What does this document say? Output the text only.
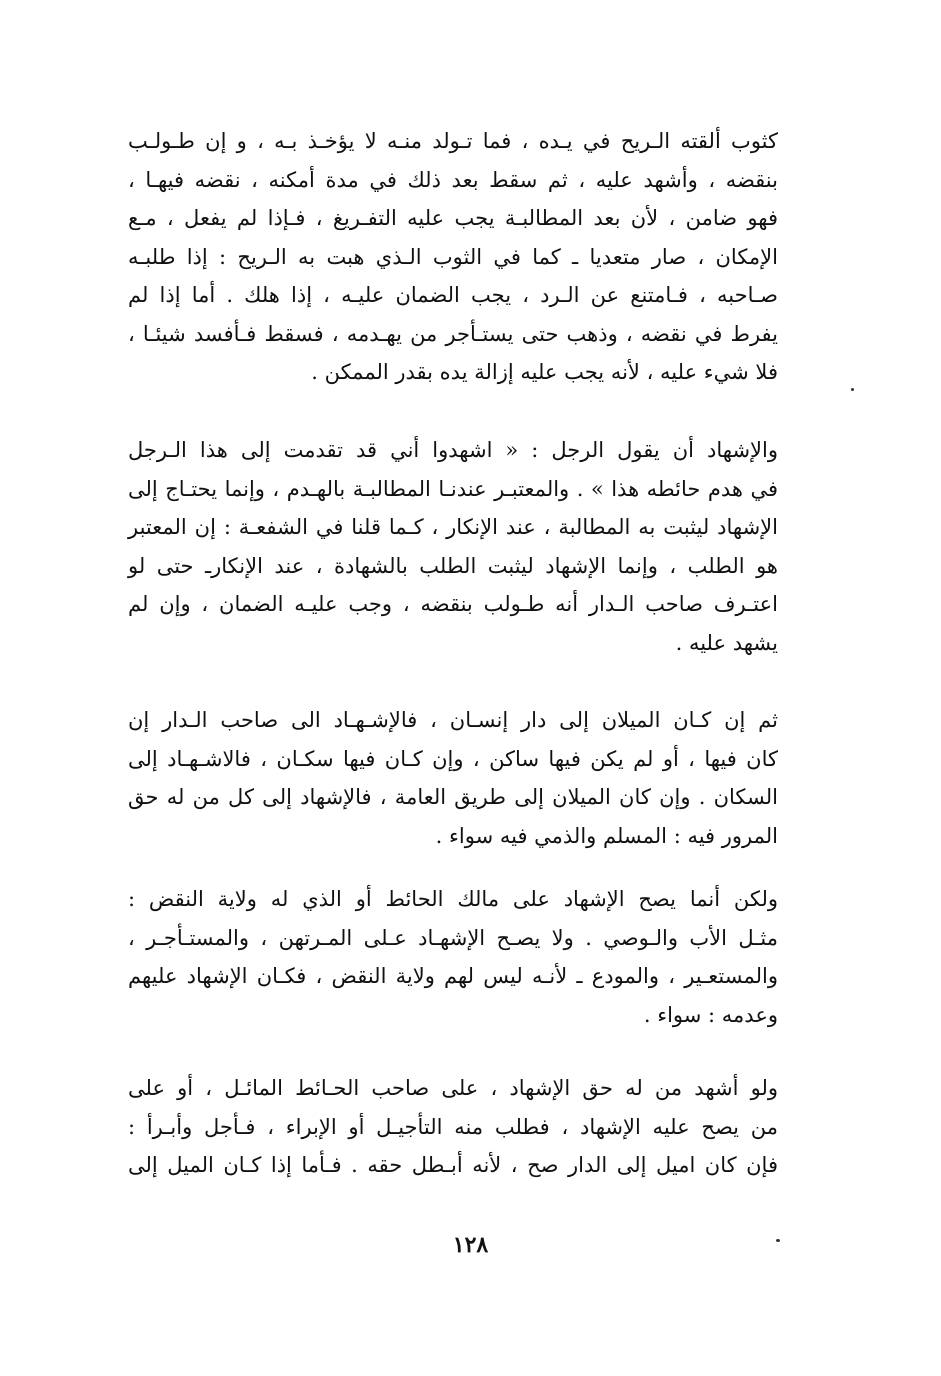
كثوب ألقته الـريح في يـده ، فما تـولد منـه لا يؤخـذ بـه ، و إن طـولـب
بنقضه ، وأشهد عليه ، ثم سقط بعد ذلك في مدة أمكنه ، نقضه فيهـا ،
فهو ضامن ، لأن بعد المطالبـة يجب عليه التفـريغ ، فـإذا لم يفعل ، مـع
الإمكان ، صار متعديا ـ كما في الثوب الـذي هبت به الـريح : إذا طلبـه
صـاحبه ، فـامتنع عن الـرد ، يجب الضمان عليـه ، إذا هلك . أما إذا لم
يفرط في نقضه ، وذهب حتى يستـأجر من يهـدمه ، فسقط فـأفسد شيئـا ،
فلا شيء عليه ، لأنه يجب عليه إزالة يده بقدر الممكن .
والإشهاد أن يقول الرجل : « اشهدوا أني قد تقدمت إلى هذا الـرجل
في هدم حائطه هذا » . والمعتبـر عندنـا المطالبـة بالهـدم ، وإنما يحتـاج إلى
الإشهاد ليثبت به المطالبة ، عند الإنكار ، كـما قلنا في الشفعـة : إن المعتبر
هو الطلب ، وإنما الإشهاد ليثبت الطلب بالشهادة ، عند الإنكارـ حتى لو
اعتـرف صاحب الـدار أنه طـولب بنقضه ، وجب عليـه الضمان ، وإن لم
يشهد عليه .
ثم إن كـان الميلان إلى دار إنسـان ، فالإشـهـاد الى صاحب الـدار إن
كان فيها ، أو لم يكن فيها ساكن ، وإن كـان فيها سكـان ، فالاشـهـاد إلى
السكان . وإن كان الميلان إلى طريق العامة ، فالإشهاد إلى كل من له حق
المرور فيه : المسلم والذمي فيه سواء .
ولكن أنما يصح الإشهاد على مالك الحائط أو الذي له ولاية النقض :
مثـل الأب والـوصي . ولا يصـح الإشهـاد عـلى المـرتهن ، والمستـأجـر ،
والمستعـير ، والمودع ـ لأنـه ليس لهم ولاية النقض ، فكـان الإشهاد عليهم
وعدمه : سواء .
ولو أشهد من له حق الإشهاد ، على صاحب الحـائط المائـل ، أو على
من يصح عليه الإشهاد ، فطلب منه التأجيـل أو الإبراء ، فـأجل وأبـرأ :
فإن كان اميل إلى الدار صح ، لأنه أبـطل حقه . فـأما إذا كـان الميل إلى
١٢٨
